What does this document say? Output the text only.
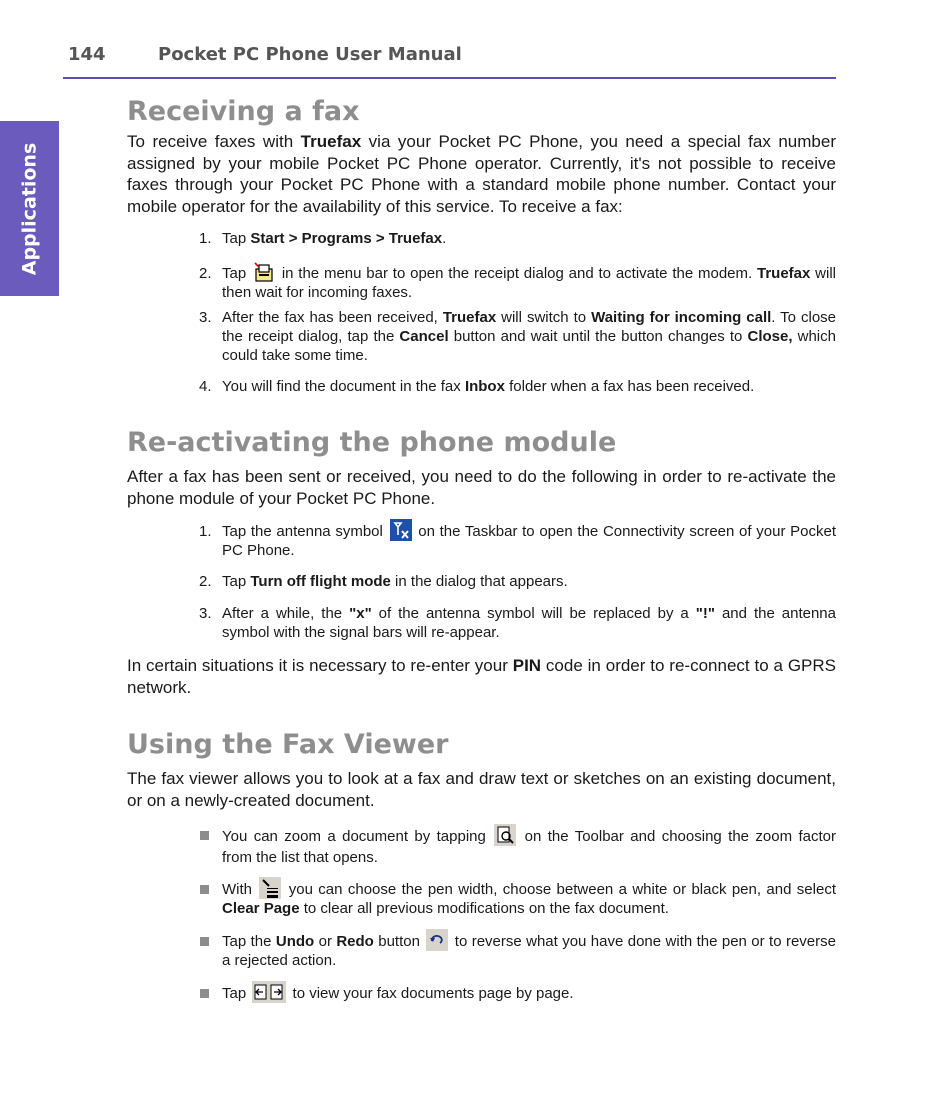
144	Pocket PC Phone User Manual
Applications
Receiving a fax

To receive faxes with Truefax via your Pocket PC Phone, you need a special fax number assigned by your mobile Pocket PC Phone operator. Currently, it's not possible to receive faxes through your Pocket PC Phone with a standard mobile phone number. Contact your mobile operator for the availability of this service. To receive a fax:

1. Tap Start > Programs > Truefax.
2. Tap
in the menu bar to open the receipt dialog and to activate the modem. Truefax will then wait for incoming faxes.
3. After the fax has been received, Truefax will switch to Waiting for incoming call. To close the receipt dialog, tap the Cancel button and wait until the button changes to Close, which could take some time.
4. You will find the document in the fax Inbox folder when a fax has been received.
Re-activating the phone module

After a fax has been sent or received, you need to do the following in order to re-activate the phone module of your Pocket PC Phone.

1. Tap the antenna symbol
on the Taskbar to open the Connectivity screen of your Pocket PC Phone.
2. Tap Turn off flight mode in the dialog that appears.
3. After a while, the "x" of the antenna symbol will be replaced by a "!" and the antenna symbol with the signal bars will re-appear.

In certain situations it is necessary to re-enter your PIN code in order to re-connect to a GPRS network.

Using the Fax Viewer

The fax viewer allows you to look at a fax and draw text or sketches on an existing document, or on a newly-created document.

You can zoom a document by tapping
on the Toolbar and choosing the zoom factor from the list that opens.
With
you can choose the pen width, choose between a white or black pen, and select Clear Page to clear all previous modifications on the fax document.
Tap the Undo or Redo button
to reverse what you have done with the pen or to reverse a rejected action.
Tap	to view your fax documents page by page.
